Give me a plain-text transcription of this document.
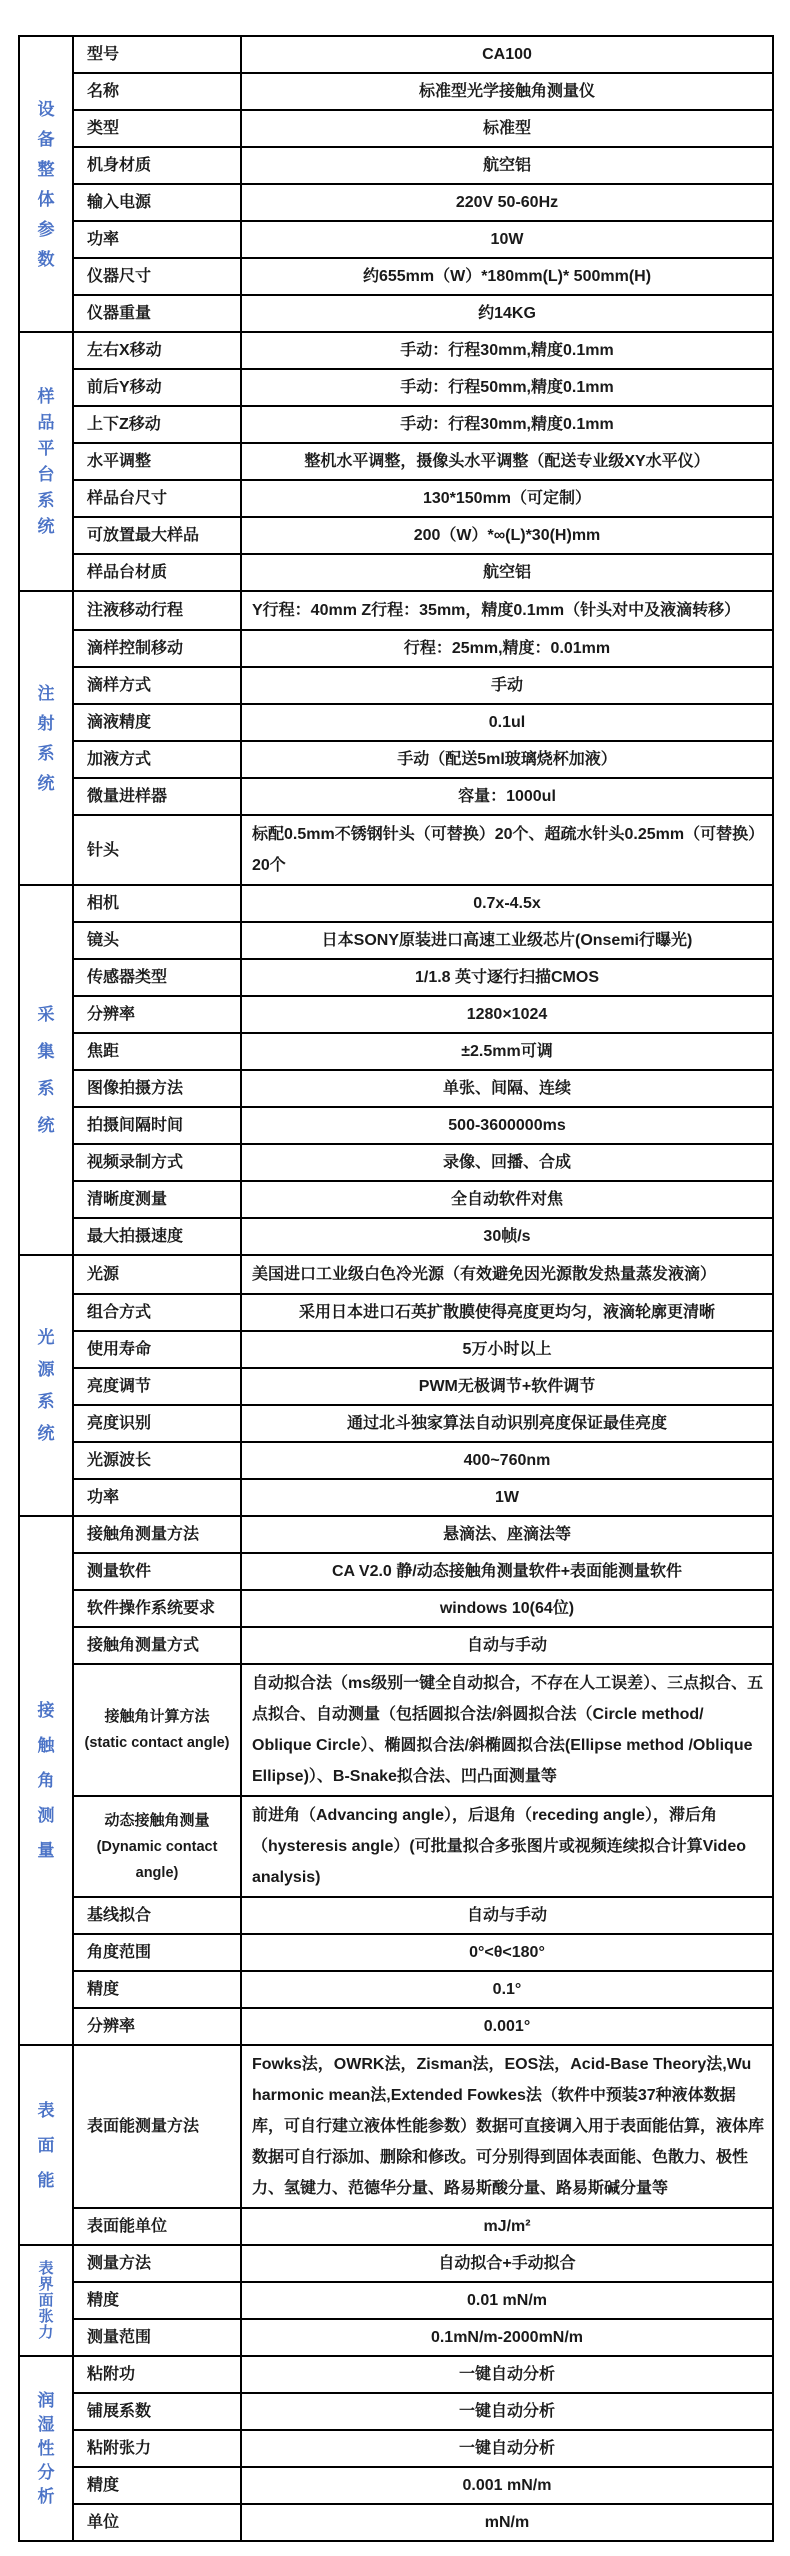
设
备
整
体
参
数

型号	CA100

	名称	标准型光学接触角测量仪

	类型	标准型

	机身材质	航空铝

	输入电源	220V 50-60Hz

	功率	10W

	仪器尺寸	约655mm（W）*180mm(L)* 500mm(H)

	仪器重量	约14KG

样
品
平
台
系
统

左右X移动	手动：行程30mm,精度0.1mm

	前后Y移动	手动：行程50mm,精度0.1mm

	上下Z移动	手动：行程30mm,精度0.1mm

	水平调整	整机水平调整，摄像头水平调整（配送专业级XY水平仪）

	样品台尺寸	130*150mm（可定制）

	可放置最大样品	200（W）*∞(L)*30(H)mm

	样品台材质	航空铝

注
射
系
统	注液移动行程	Y行程：40mm Z行程：35mm，精度0.1mm（针头对中及液滴转移）

	滴样控制移动	行程：25mm,精度：0.01mm

	滴样方式	手动

	滴液精度	0.1ul

	加液方式	手动（配送5ml玻璃烧杯加液）

	微量进样器	容量：1000ul

	针头	标配0.5mm不锈钢针头（可替换）20个、超疏水针头0.25mm（可替换）20个

采
集
系
统	相机	0.7x-4.5x

	镜头	日本SONY原装进口高速工业级芯片(Onsemi行曝光)

	传感器类型	1/1.8 英寸逐行扫描CMOS

	分辨率	1280×1024

	焦距	±2.5mm可调

	图像拍摄方法	单张、间隔、连续

	拍摄间隔时间	500-3600000ms

	视频录制方式	录像、回播、合成

	清晰度测量	全自动软件对焦

	最大拍摄速度	30帧/s

光
源
系
统	光源	美国进口工业级白色冷光源（有效避免因光源散发热量蒸发液滴）

	组合方式	采用日本进口石英扩散膜使得亮度更均匀，液滴轮廓更清晰

	使用寿命	5万小时以上

	亮度调节	PWM无极调节+软件调节

	亮度识别	通过北斗独家算法自动识别亮度保证最佳亮度

	光源波长	400~760nm

	功率	1W

接
触
角
测
量	接触角测量方法	悬滴法、座滴法等

	测量软件	CA V2.0 静/动态接触角测量软件+表面能测量软件

	软件操作系统要求	windows 10(64位)

	接触角测量方式	自动与手动

	接触角计算方法
(static contact angle)	自动拟合法（ms级别一键全自动拟合，不存在人工误差）、三点拟合、五点拟合、自动测量（包括圆拟合法/斜圆拟合法（Circle method/ Oblique Circle）、椭圆拟合法/斜椭圆拟合法(Ellipse method /Oblique Ellipse)）、B-Snake拟合法、凹凸面测量等

	动态接触角测量
(Dynamic contact angle)	前进角（Advancing angle），后退角（receding angle），滞后角（hysteresis angle）(可批量拟合多张图片或视频连续拟合计算Video analysis)

	基线拟合	自动与手动

	角度范围	0°<θ<180°

	精度	0.1°

	分辨率	0.001°

表
面
能	表面能测量方法	Fowks法，OWRK法，Zisman法，EOS法，Acid-Base Theory法,Wu harmonic mean法,Extended Fowkes法（软件中预装37种液体数据库，可自行建立液体性能参数）数据可直接调入用于表面能估算，液体库数据可自行添加、删除和修改。可分别得到固体表面能、色散力、极性力、氢键力、范德华分量、路易斯酸分量、路易斯碱分量等

	表面能单位	mJ/m²

表
界
面
张
力	测量方法	自动拟合+手动拟合

	精度	0.01 mN/m

	测量范围	0.1mN/m-2000mN/m

润
湿
性
分
析	粘附功	一键自动分析

	铺展系数	一键自动分析

	粘附张力	一键自动分析

	精度	0.001 mN/m

	单位	mN/m
